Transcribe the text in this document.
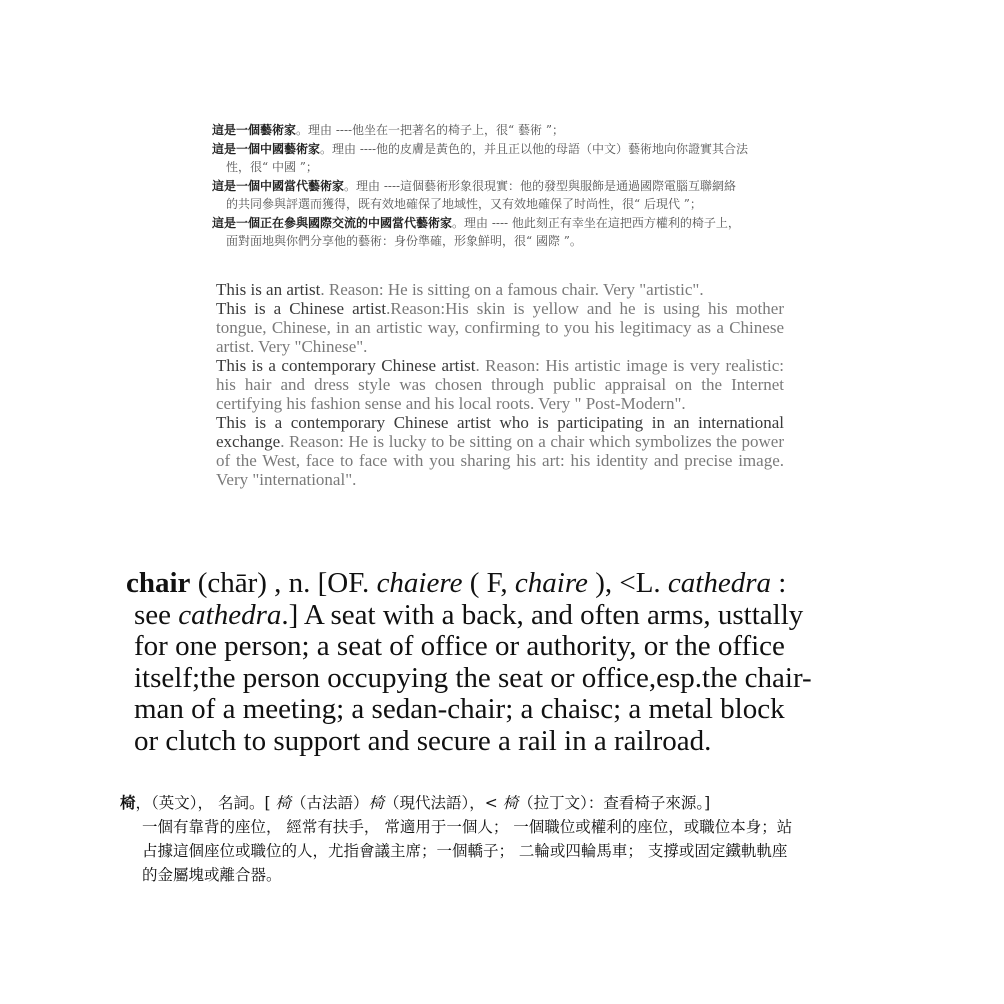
這是一個藝術家。理由 ----他坐在一把著名的椅子上，很“ 藝術 ”；

這是一個中國藝術家。理由 ----他的皮膚是黃色的，并且正以他的母語（中文）藝術地向你證實其合法
性，很“ 中國 ”；

這是一個中國當代藝術家。理由 ----這個藝術形象很現實：他的發型與服飾是通過國際電腦互聯網絡
的共同參與評選而獲得，既有效地確保了地域性，又有效地確保了时尚性，很“ 后現代 ”；

這是一個正在參與國際交流的中國當代藝術家。理由 ---- 他此刻正有幸坐在這把西方權利的椅子上，
面對面地與你們分享他的藝術：身份準確，形象鮮明，很“ 國際 ”。

This is an artist. Reason: He is sitting on a famous chair. Very "artistic".

This is a Chinese artist.Reason:His skin is yellow and he is using his mother tongue, Chinese, in an artistic way, confirming to you his legitimacy as a Chinese artist. Very "Chinese".

This is a contemporary Chinese artist. Reason: His artistic image is very realistic: his hair and dress style was chosen through public appraisal on the Internet certifying his fashion sense and his local roots. Very " Post-Modern".

This is a contemporary Chinese artist who is participating in an international exchange. Reason: He is lucky to be sitting on a chair which symbolizes the power of the West, face to face with you sharing his art: his identity and precise image. Very "international".

chair (chār) , n. [OF. chaiere ( F, chaire ), <L. cathedra :
see cathedra.] A seat with a back, and often arms, usttally
for one person; a seat of office or authority, or the office
itself;the person occupying the seat or office,esp.the chair-
man of a meeting; a sedan-chair; a chaisc; a metal block
or clutch to support and secure a rail in a railroad.
椅，（英文）， 名詞。[ 椅（古法語）椅（現代法語），< 椅（拉丁文）：查看椅子來源。]
一個有靠背的座位， 經常有扶手， 常適用于一個人； 一個職位或權利的座位，或職位本身；站
占據這個座位或職位的人，尤指會議主席；一個轎子； 二輪或四輪馬車； 支撐或固定鐵軌軌座
的金屬塊或離合器。
